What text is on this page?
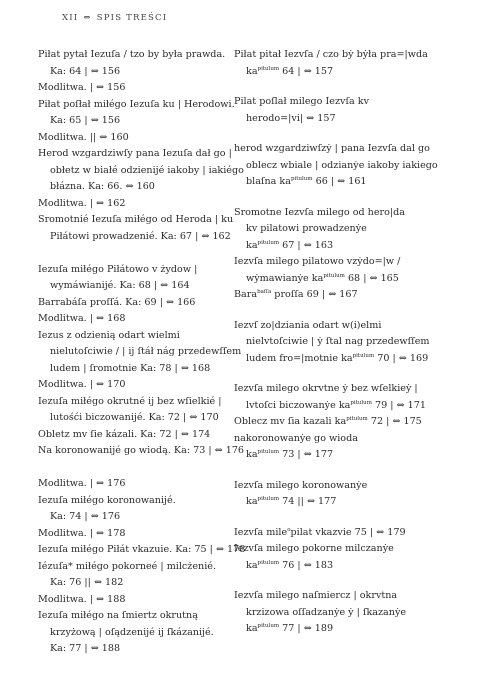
XII ⇔ SPIS TREŚCI
Piłat pytał Iezuſa / tzo by była prawda.
Ka: 64 | ⇔ 156
Modlitwa. | ⇔ 156
Piłat poſłał miłégo Iezuſa ku | Herodowi.
Ka: 65 | ⇔ 156
Modlitwa. || ⇔ 160
Herod wzgardziwſy pana Iezuſa dał go |
obłetz w białé odzienijé iakoby | iakiégo
błázna. Ka: 66. ⇔ 160
Modlitwa. | ⇔ 162
Sromotnié Iezuſa miłégo od Heroda | ku
Piłátowi prowadzenié. Ka: 67 | ⇔ 162
Iezuſa miłégo Piłátowo v żydow |
wymáwianijé. Ka: 68 | ⇔ 164
Barrabáſa proſſá. Ka: 69 | ⇔ 166
Modlitwa. | ⇔ 168
Iezus z odzienią odart wielmi
nielutoſciwie / | ij ſtáł nág przedewſſem
ludem | ſromotnie Ka: 78 | ⇔ 168
Modlitwa. | ⇔ 170
Iezuſa miłégo okrutné ij bez wſielkié |
lutośći biczowanijé. Ka: 72 | ⇔ 170
Obletz mv ſie kázali. Ka: 72 | ⇔ 174
Na koronowanijé go wiodą. Ka: 73 | ⇔ 176
Modlitwa. | ⇔ 176
Iezuſa miłégo koronowanijé.
Ka: 74 | ⇔ 176
Modlitwa. | ⇔ 178
Iezuſa miłégo Piłát vkazuie. Ka: 75 | ⇔ 178
Iézuſa* miłégo pokorneé | milcżenié.
Ka: 76 || ⇔ 182
Modlitwa. | ⇔ 188
Iezuſa miłégo na ſmiertz okrutną
krzyżową | oſądzenijé ij ſkázanijé.
Ka: 77 | ⇔ 188
Piłat pitał Iezvſa / czo bẏ bẏła pra=|wda
$ka^{pitulum}$ 64 | ⇔ 157
Pilat poſlał milego Iezvſa kv
herodo=|vi| ⇔ 157
herod wzgardziwſzẏ | pana Iezvſa dal go
oblecz wbiale | odzianẏe iakoby iakiego
blaſna $ka^{pitulum}$ 66 | ⇔ 161
Sromotne Iezvſa milego od hero|da
kv pilatowi prowadzenẏe
$ka^{pitulum}$ 67 | ⇔ 163
Iezvſa milego pilatowo vzẏdo=|w /
wẏmawianẏe $ka^{pitulum}$ 68 | ⇔ 165
Bara$^{baſſa}$ proſſa 69 | ⇔ 167
Iezvſ zo|dziania odart w(i)elmi
nielvtoſciwie | ẏ ſtal nag przedewſſem
ludem fro=|motnie $ka^{pitulum}$ 70 | ⇔ 169
Iezvſa milego okrvtne ẏ bez wſelkieẏ |
lvtoſci biczowanẏe $ka^{pitulum}$ 79 | ⇔ 171
Oblecz mv ſia kazali $ka^{pitulum}$ 72 | ⇔ 175
nakoronowanẏe go wioda
$ka^{pitulum}$ 73 | ⇔ 177
Iezvſa milego koronowanẏe
$ka^{pitulum}$ 74 || ⇔ 177
Iezvſa mile$^o$pilat vkazvie 75 | ⇔ 179
Iezvſa milego pokorne milczanẏe
$ka^{pitulum}$ 76 | ⇔ 183
Iezvſa milego naſmiercz | okrvtna
krzizowa oſſadzanẏe ẏ | ſkazanẏe
$ka^{pitulum}$ 77 | ⇔ 189
